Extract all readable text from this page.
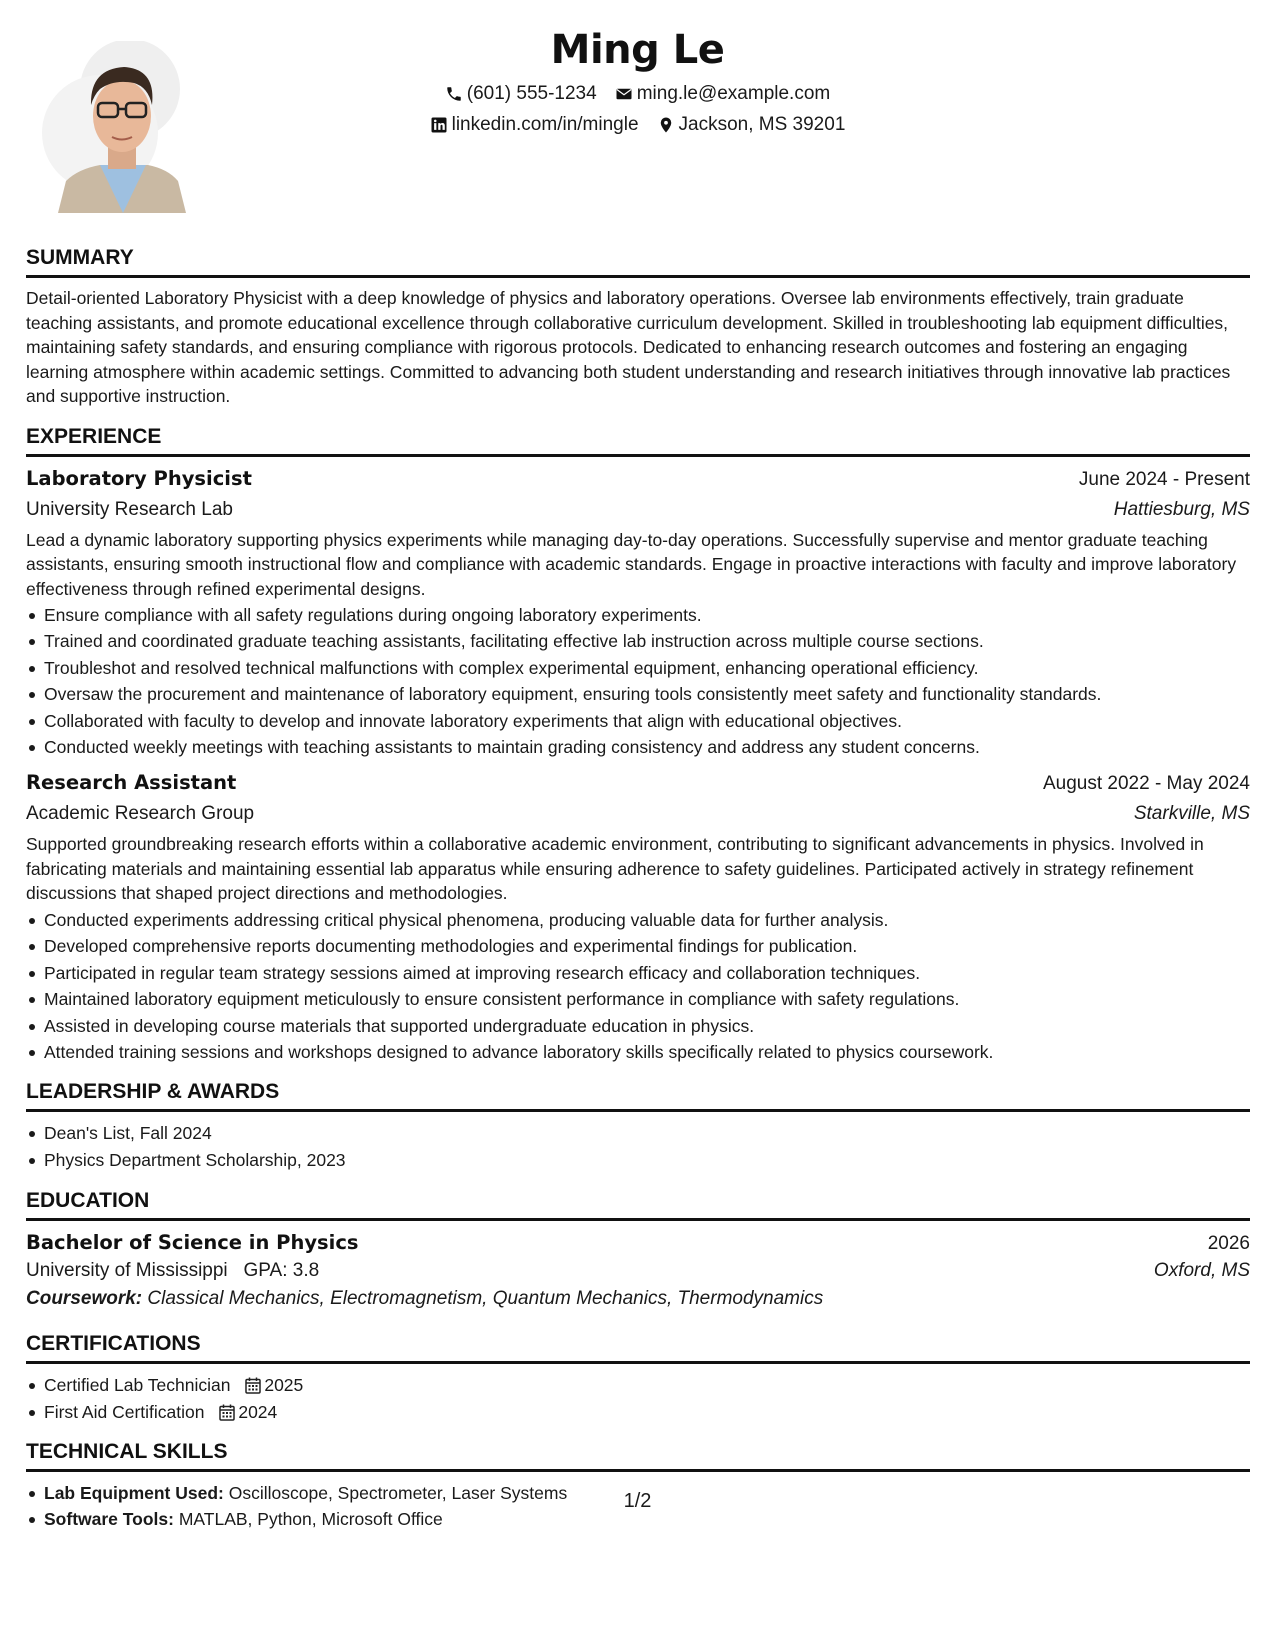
Ming Le
(601) 555-1234 ming.le@example.com
linkedin.com/in/mingle Jackson, MS 39201
SUMMARY
Detail-oriented Laboratory Physicist with a deep knowledge of physics and laboratory operations. Oversee lab environments effectively, train graduate teaching assistants, and promote educational excellence through collaborative curriculum development. Skilled in troubleshooting lab equipment difficulties, maintaining safety standards, and ensuring compliance with rigorous protocols. Dedicated to enhancing research outcomes and fostering an engaging learning atmosphere within academic settings. Committed to advancing both student understanding and research initiatives through innovative lab practices and supportive instruction.
EXPERIENCE
Laboratory Physicist	June 2024 - Present
University Research Lab	Hattiesburg, MS
Lead a dynamic laboratory supporting physics experiments while managing day-to-day operations. Successfully supervise and mentor graduate teaching assistants, ensuring smooth instructional flow and compliance with academic standards. Engage in proactive interactions with faculty and improve laboratory effectiveness through refined experimental designs.
Ensure compliance with all safety regulations during ongoing laboratory experiments.
Trained and coordinated graduate teaching assistants, facilitating effective lab instruction across multiple course sections.
Troubleshot and resolved technical malfunctions with complex experimental equipment, enhancing operational efficiency.
Oversaw the procurement and maintenance of laboratory equipment, ensuring tools consistently meet safety and functionality standards.
Collaborated with faculty to develop and innovate laboratory experiments that align with educational objectives.
Conducted weekly meetings with teaching assistants to maintain grading consistency and address any student concerns.
Research Assistant	August 2022 - May 2024
Academic Research Group	Starkville, MS
Supported groundbreaking research efforts within a collaborative academic environment, contributing to significant advancements in physics. Involved in fabricating materials and maintaining essential lab apparatus while ensuring adherence to safety guidelines. Participated actively in strategy refinement discussions that shaped project directions and methodologies.
Conducted experiments addressing critical physical phenomena, producing valuable data for further analysis.
Developed comprehensive reports documenting methodologies and experimental findings for publication.
Participated in regular team strategy sessions aimed at improving research efficacy and collaboration techniques.
Maintained laboratory equipment meticulously to ensure consistent performance in compliance with safety regulations.
Assisted in developing course materials that supported undergraduate education in physics.
Attended training sessions and workshops designed to advance laboratory skills specifically related to physics coursework.
LEADERSHIP & AWARDS
Dean's List, Fall 2024
Physics Department Scholarship, 2023
EDUCATION
Bachelor of Science in Physics	2026
University of Mississippi GPA: 3.8	Oxford, MS
Coursework: Classical Mechanics, Electromagnetism, Quantum Mechanics, Thermodynamics
CERTIFICATIONS
Certified Lab Technician 2025
First Aid Certification 2024
TECHNICAL SKILLS
Lab Equipment Used: Oscilloscope, Spectrometer, Laser Systems
Software Tools: MATLAB, Python, Microsoft Office
1/2
